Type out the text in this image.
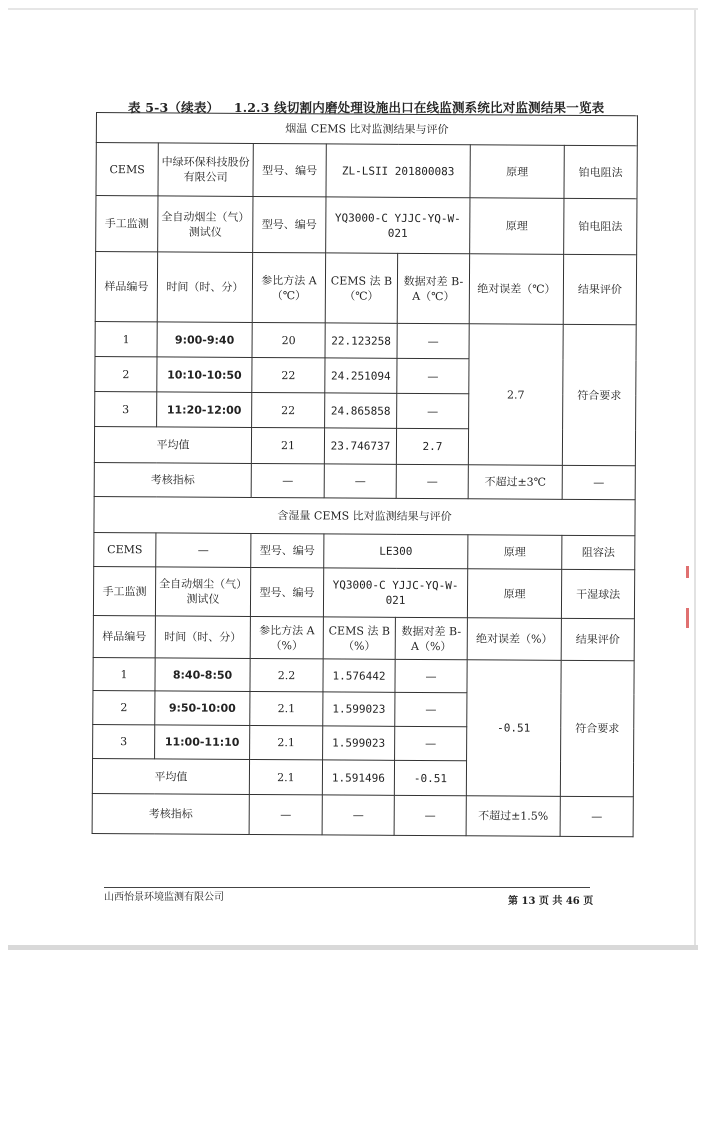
表 5-3（续表） 1.2.3 线切割内磨处理设施出口在线监测系统比对监测结果一览表
烟温 CEMS 比对监测结果与评价						
CEMS	中绿环保科技股份有限公司	型号、编号	ZL-LSII 201800083		原理	铂电阻法
手工监测	全自动烟尘（气）测试仪	型号、编号	YQ3000-C YJJC-YQ-W-021		原理	铂电阻法
样品编号	时间（时、分）	参比方法 A（℃）	CEMS 法 B（℃）	数据对差 B-A（℃）	绝对误差（℃）	结果评价
1	9:00-9:40	20	22.123258	—	2.7	符合要求
2	10:10-10:50	22	24.251094	—		
3	11:20-12:00	22	24.865858	—		
平均值		21	23.746737	2.7		
考核指标		—	—	—	不超过±3℃	—
含湿量 CEMS 比对监测结果与评价						
CEMS	—	型号、编号	LE300		原理	阻容法
手工监测	全自动烟尘（气）测试仪	型号、编号	YQ3000-C YJJC-YQ-W-021		原理	干湿球法
样品编号	时间（时、分）	参比方法 A（%）	CEMS 法 B（%）	数据对差 B-A（%）	绝对误差（%）	结果评价
1	8:40-8:50	2.2	1.576442	—	-0.51	符合要求
2	9:50-10:00	2.1	1.599023	—		
3	11:00-11:10	2.1	1.599023	—		
平均值		2.1	1.591496	-0.51		
考核指标		—	—	—	不超过±1.5%	—
山西怡景环境监测有限公司	第 13 页 共 46 页
